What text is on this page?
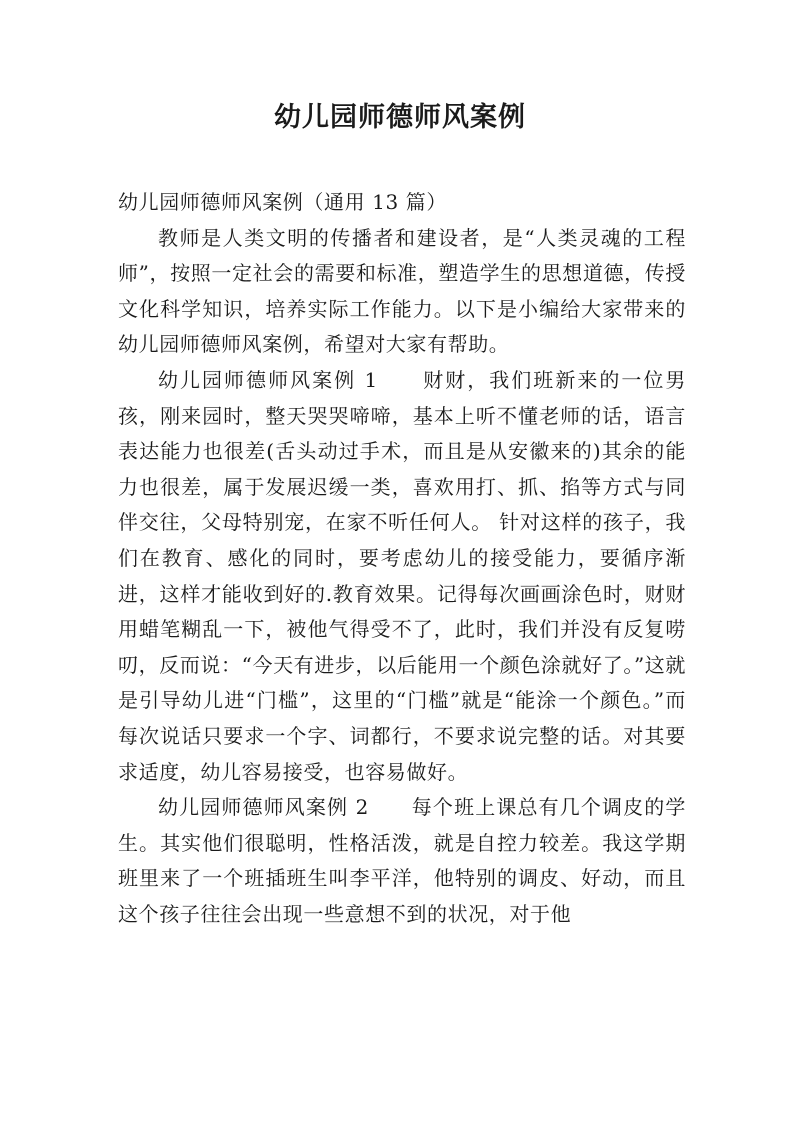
幼儿园师德师风案例

幼儿园师德师风案例（通用 13 篇）

教师是人类文明的传播者和建设者，是“人类灵魂的工程师”，按照一定社会的需要和标准，塑造学生的思想道德，传授文化科学知识，培养实际工作能力。以下是小编给大家带来的幼儿园师德师风案例，希望对大家有帮助。

幼儿园师德师风案例 1　　财财，我们班新来的一位男孩，刚来园时，整天哭哭啼啼，基本上听不懂老师的话，语言表达能力也很差(舌头动过手术，而且是从安徽来的)其余的能力也很差，属于发展迟缓一类，喜欢用打、抓、掐等方式与同伴交往，父母特别宠，在家不听任何人。 针对这样的孩子，我们在教育、感化的同时，要考虑幼儿的接受能力，要循序渐进，这样才能收到好的.教育效果。记得每次画画涂色时，财财用蜡笔糊乱一下，被他气得受不了，此时，我们并没有反复唠叨，反而说：“今天有进步，以后能用一个颜色涂就好了。”这就是引导幼儿进“门槛”，这里的“门槛”就是“能涂一个颜色。”而每次说话只要求一个字、词都行，不要求说完整的话。对其要求适度，幼儿容易接受，也容易做好。

幼儿园师德师风案例 2　　每个班上课总有几个调皮的学生。其实他们很聪明，性格活泼，就是自控力较差。我这学期班里来了一个班插班生叫李平洋，他特别的调皮、好动，而且这个孩子往往会出现一些意想不到的状况，对于他
